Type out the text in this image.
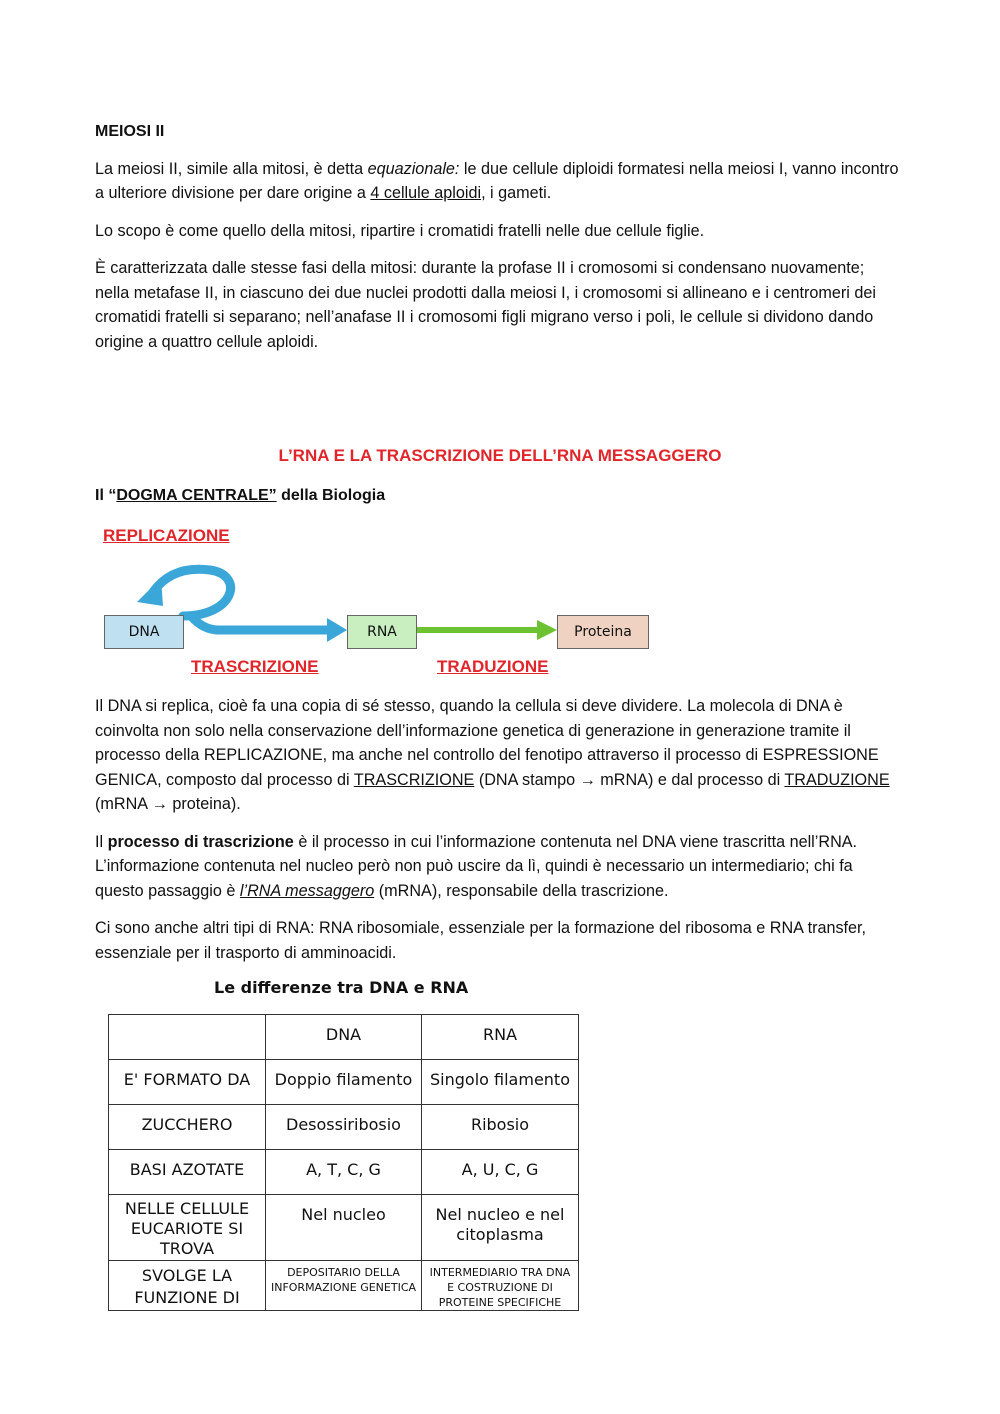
MEIOSI II

La meiosi II, simile alla mitosi, è detta equazionale: le due cellule diploidi formatesi nella meiosi I, vanno incontro a ulteriore divisione per dare origine a 4 cellule aploidi, i gameti.

Lo scopo è come quello della mitosi, ripartire i cromatidi fratelli nelle due cellule figlie.

È caratterizzata dalle stesse fasi della mitosi: durante la profase II i cromosomi si condensano nuovamente; nella metafase II, in ciascuno dei due nuclei prodotti dalla meiosi I, i cromosomi si allineano e i centromeri dei cromatidi fratelli si separano; nell’anafase II i cromosomi figli migrano verso i poli, le cellule si dividono dando origine a quattro cellule aploidi.

L’RNA E LA TRASCRIZIONE DELL’RNA MESSAGGERO

Il “DOGMA CENTRALE” della Biologia

REPLICAZIONE
DNA	RNA	Proteina
TRASCRIZIONE	TRADUZIONE

Il DNA si replica, cioè fa una copia di sé stesso, quando la cellula si deve dividere. La molecola di DNA è coinvolta non solo nella conservazione dell’informazione genetica di generazione in generazione tramite il processo della REPLICAZIONE, ma anche nel controllo del fenotipo attraverso il processo di ESPRESSIONE GENICA, composto dal processo di TRASCRIZIONE (DNA stampo → mRNA) e dal processo di TRADUZIONE (mRNA → proteina).

Il processo di trascrizione è il processo in cui l’informazione contenuta nel DNA viene trascritta nell’RNA. L’informazione contenuta nel nucleo però non può uscire da lì, quindi è necessario un intermediario; chi fa questo passaggio è l’RNA messaggero (mRNA), responsabile della trascrizione.

Ci sono anche altri tipi di RNA: RNA ribosomiale, essenziale per la formazione del ribosoma e RNA transfer, essenziale per il trasporto di amminoacidi.

Le differenze tra DNA e RNA
	DNA	RNA
E' FORMATO DA	Doppio filamento	Singolo filamento
ZUCCHERO	Desossiribosio	Ribosio
BASI AZOTATE	A, T, C, G	A, U, C, G
NELLE CELLULE EUCARIOTE SI TROVA	Nel nucleo	Nel nucleo e nel citoplasma
SVOLGE LA FUNZIONE DI	DEPOSITARIO DELLA INFORMAZIONE GENETICA	INTERMEDIARIO TRA DNA E COSTRUZIONE DI PROTEINE SPECIFICHE
